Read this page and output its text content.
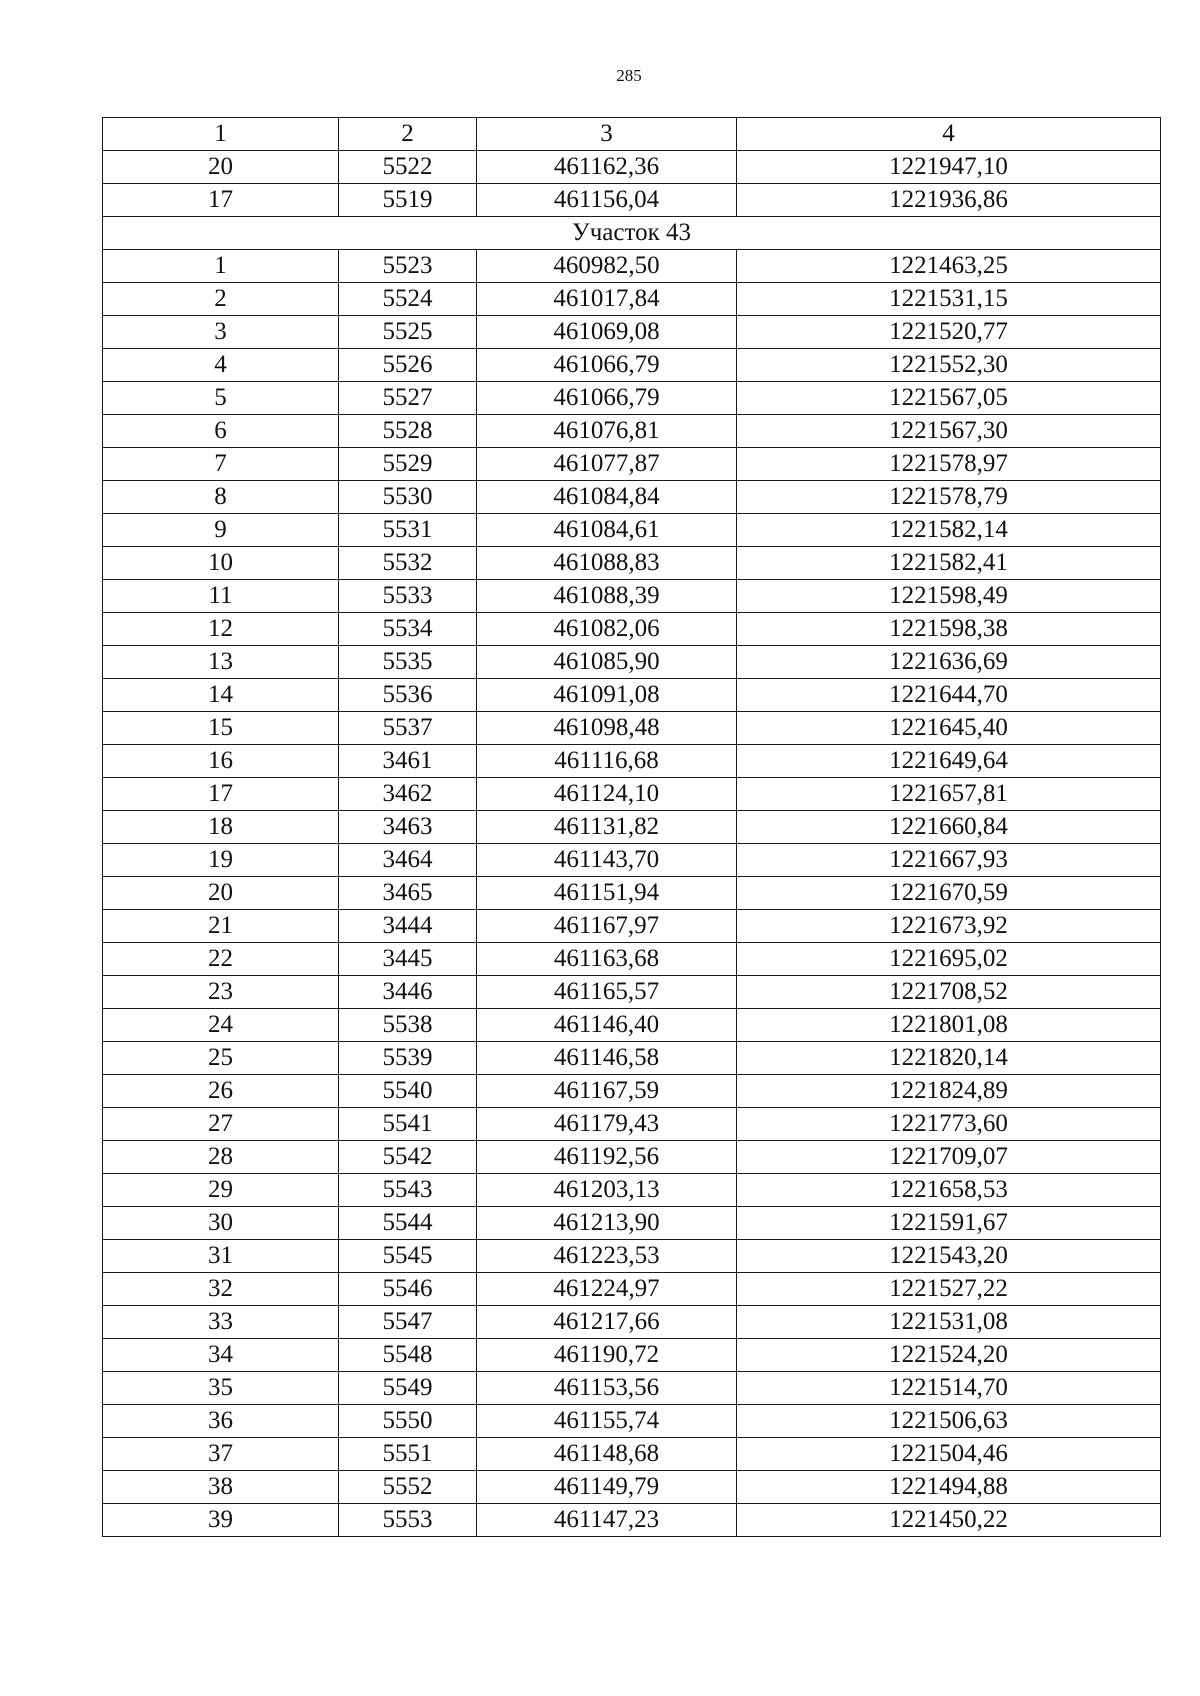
285
1	2	3	4
20	5522	461162,36	1221947,10
17	5519	461156,04	1221936,86
Участок 43			
1	5523	460982,50	1221463,25
2	5524	461017,84	1221531,15
3	5525	461069,08	1221520,77
4	5526	461066,79	1221552,30
5	5527	461066,79	1221567,05
6	5528	461076,81	1221567,30
7	5529	461077,87	1221578,97
8	5530	461084,84	1221578,79
9	5531	461084,61	1221582,14
10	5532	461088,83	1221582,41
11	5533	461088,39	1221598,49
12	5534	461082,06	1221598,38
13	5535	461085,90	1221636,69
14	5536	461091,08	1221644,70
15	5537	461098,48	1221645,40
16	3461	461116,68	1221649,64
17	3462	461124,10	1221657,81
18	3463	461131,82	1221660,84
19	3464	461143,70	1221667,93
20	3465	461151,94	1221670,59
21	3444	461167,97	1221673,92
22	3445	461163,68	1221695,02
23	3446	461165,57	1221708,52
24	5538	461146,40	1221801,08
25	5539	461146,58	1221820,14
26	5540	461167,59	1221824,89
27	5541	461179,43	1221773,60
28	5542	461192,56	1221709,07
29	5543	461203,13	1221658,53
30	5544	461213,90	1221591,67
31	5545	461223,53	1221543,20
32	5546	461224,97	1221527,22
33	5547	461217,66	1221531,08
34	5548	461190,72	1221524,20
35	5549	461153,56	1221514,70
36	5550	461155,74	1221506,63
37	5551	461148,68	1221504,46
38	5552	461149,79	1221494,88
39	5553	461147,23	1221450,22
